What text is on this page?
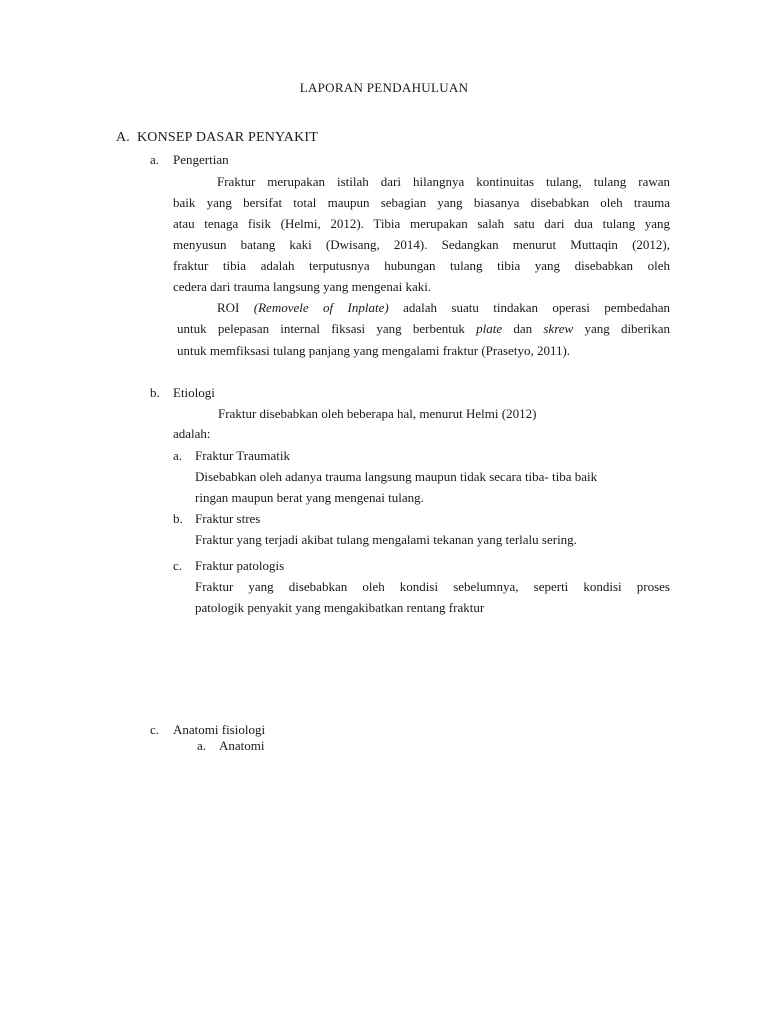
LAPORAN PENDAHULUAN
A. KONSEP DASAR PENYAKIT
a. Pengertian
Fraktur merupakan istilah dari hilangnya kontinuitas tulang, tulang rawan
baik yang bersifat total maupun sebagian yang biasanya disebabkan oleh trauma
atau tenaga fisik (Helmi, 2012). Tibia merupakan salah satu dari dua tulang yang
menyusun batang kaki (Dwisang, 2014). Sedangkan menurut Muttaqin (2012),
fraktur tibia adalah terputusnya hubungan tulang tibia yang disebabkan oleh
cedera dari trauma langsung yang mengenai kaki.
ROI (Removele of Inplate) adalah suatu tindakan operasi pembedahan
untuk pelepasan internal fiksasi yang berbentuk plate dan skrew yang diberikan
untuk memfiksasi tulang panjang yang mengalami fraktur (Prasetyo, 2011).
b. Etiologi
Fraktur disebabkan oleh beberapa hal, menurut Helmi (2012)
adalah:
a. Fraktur Traumatik
Disebabkan oleh adanya trauma langsung maupun tidak secara tiba- tiba baik
ringan maupun berat yang mengenai tulang.
b. Fraktur stres
Fraktur yang terjadi akibat tulang mengalami tekanan yang terlalu sering.
c. Fraktur patologis
Fraktur yang disebabkan oleh kondisi sebelumnya, seperti kondisi proses
patologik penyakit yang mengakibatkan rentang fraktur
c. Anatomi fisiologi
a. Anatomi
